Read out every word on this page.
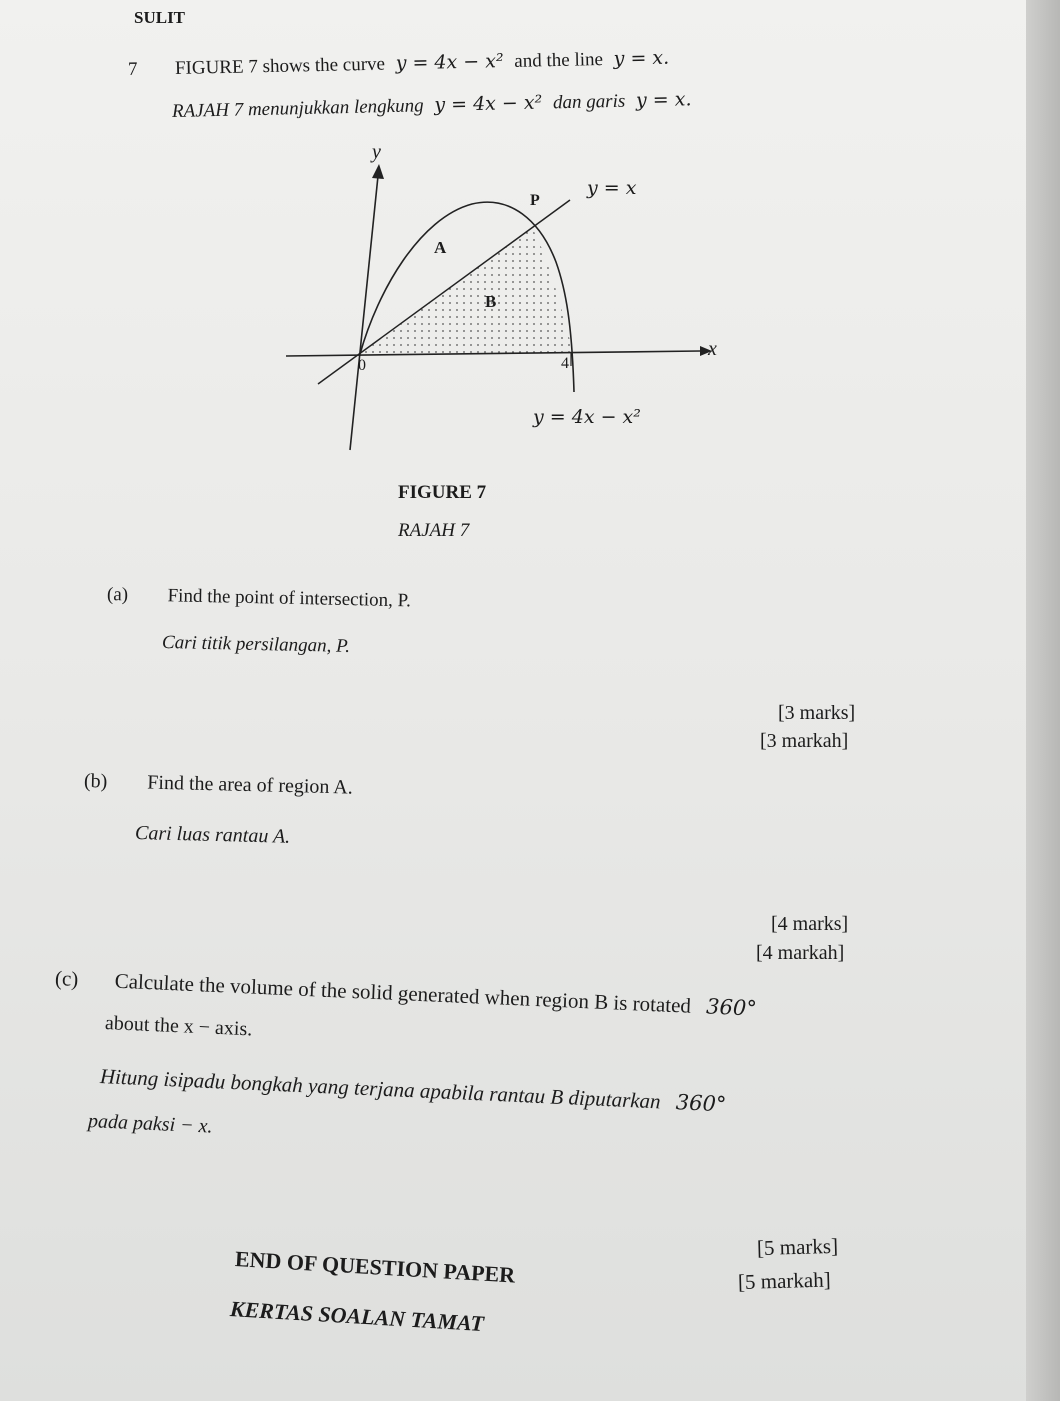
SULIT
7 FIGURE 7 shows the curve y = 4x − x² and the line y = x.
RAJAH 7 menunjukkan lengkung y = 4x − x² dan garis y = x.
y
x
P
A
B
0	4
y = x
y = 4x − x²
FIGURE 7
RAJAH 7
(a) Find the point of intersection, P.
Cari titik persilangan, P.
[3 marks]
[3 markah]
(b) Find the area of region A.
Cari luas rantau A.
[4 marks]
[4 markah]
(c) Calculate the volume of the solid generated when region B is rotated 360°
about the x − axis.
Hitung isipadu bongkah yang terjana apabila rantau B diputarkan 360°
pada paksi − x.
[5 marks]
[5 markah]
END OF QUESTION PAPER
KERTAS SOALAN TAMAT
